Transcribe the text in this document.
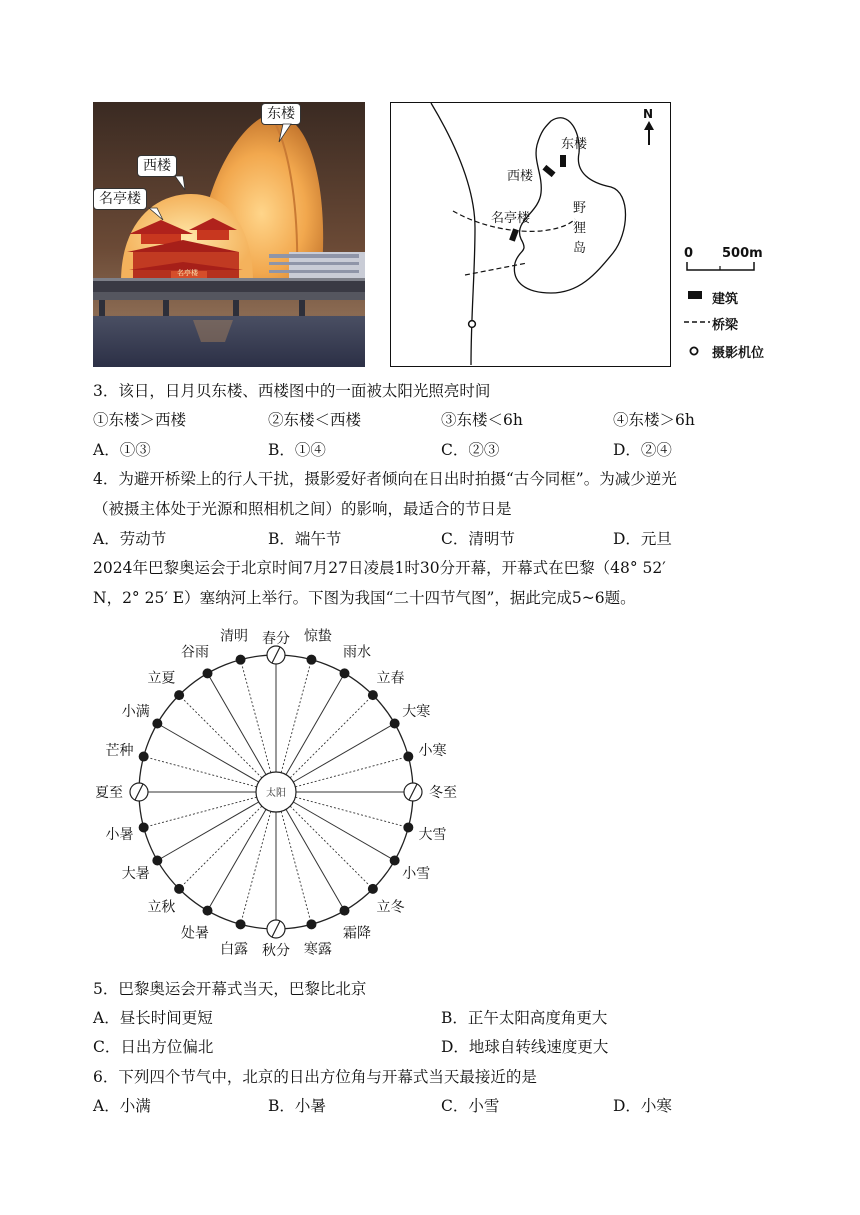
名亭楼
东楼
西楼
名亭楼
东楼
西楼
名亭楼
野
狸
岛
N
0 500m
建筑
桥梁
摄影机位
3．该日，日月贝东楼、西楼图中的一面被太阳光照亮时间
①东楼＞西楼	②东楼＜西楼	③东楼＜6h	④东楼＞6h
A．①③	B．①④	C．②③	D．②④
4．为避开桥梁上的行人干扰，摄影爱好者倾向在日出时拍摄“古今同框”。为减少逆光
（被摄主体处于光源和照相机之间）的影响，最适合的节日是
A．劳动节	B．端午节	C．清明节	D．元旦
2024年巴黎奥运会于北京时间7月27日凌晨1时30分开幕，开幕式在巴黎（48° 52′
N，2° 25′ E）塞纳河上举行。下图为我国“二十四节气图”，据此完成5~6题。
太阳
春分 惊蛰
雨水
立春
大寒
小寒
冬至
大雪
小雪
立冬
霜降
寒露
秋分
白露
处暑
立秋
大暑
小暑
夏至
芒种
小满
立夏
谷雨
清明
5．巴黎奥运会开幕式当天，巴黎比北京
A．昼长时间更短	B．正午太阳高度角更大
C．日出方位偏北	D．地球自转线速度更大
6．下列四个节气中，北京的日出方位角与开幕式当天最接近的是
A．小满	B．小暑	C．小雪	D．小寒
